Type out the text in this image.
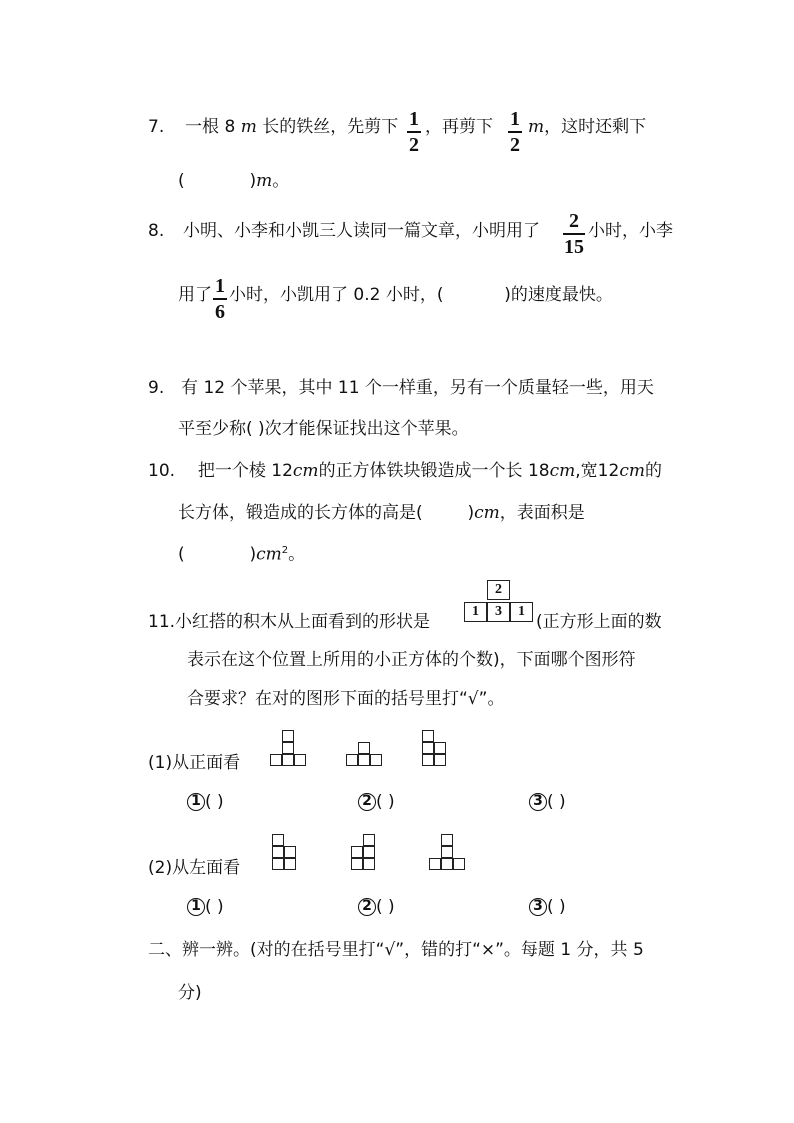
7. 一根 8 m 长的铁丝，先剪下 1
2
，再剪下 1
2
m，这时还剩下
(	)m。
8. 小明、小李和小凯三人读同一篇文章，小明用了 2
15
小时，小李
用了 1
6
小时，小凯用了 0.2 小时，(	)的速度最快。
9. 有 12 个苹果，其中 11 个一样重，另有一个质量轻一些，用天
平至少称( )次才能保证找出这个苹果。
10. 把一个棱 12cm的正方体铁块锻造成一个长 18cm,宽12cm的
长方体，锻造成的长方体的高是(	)cm，表面积是
(	)$cm^2$。
11.小红搭的积木从上面看到的形状是
2
1	3	1
(正方形上面的数
表示在这个位置上所用的小正方体的个数)，下面哪个图形符
合要求？在对的图形下面的括号里打“√”。
(1)从正面看
1 ( )	2 ( )	3 ( )
(2)从左面看
1 ( )	2 ( )	3 ( )
二、辨一辨。(对的在括号里打“√”，错的打“×”。每题 1 分，共 5
分)
